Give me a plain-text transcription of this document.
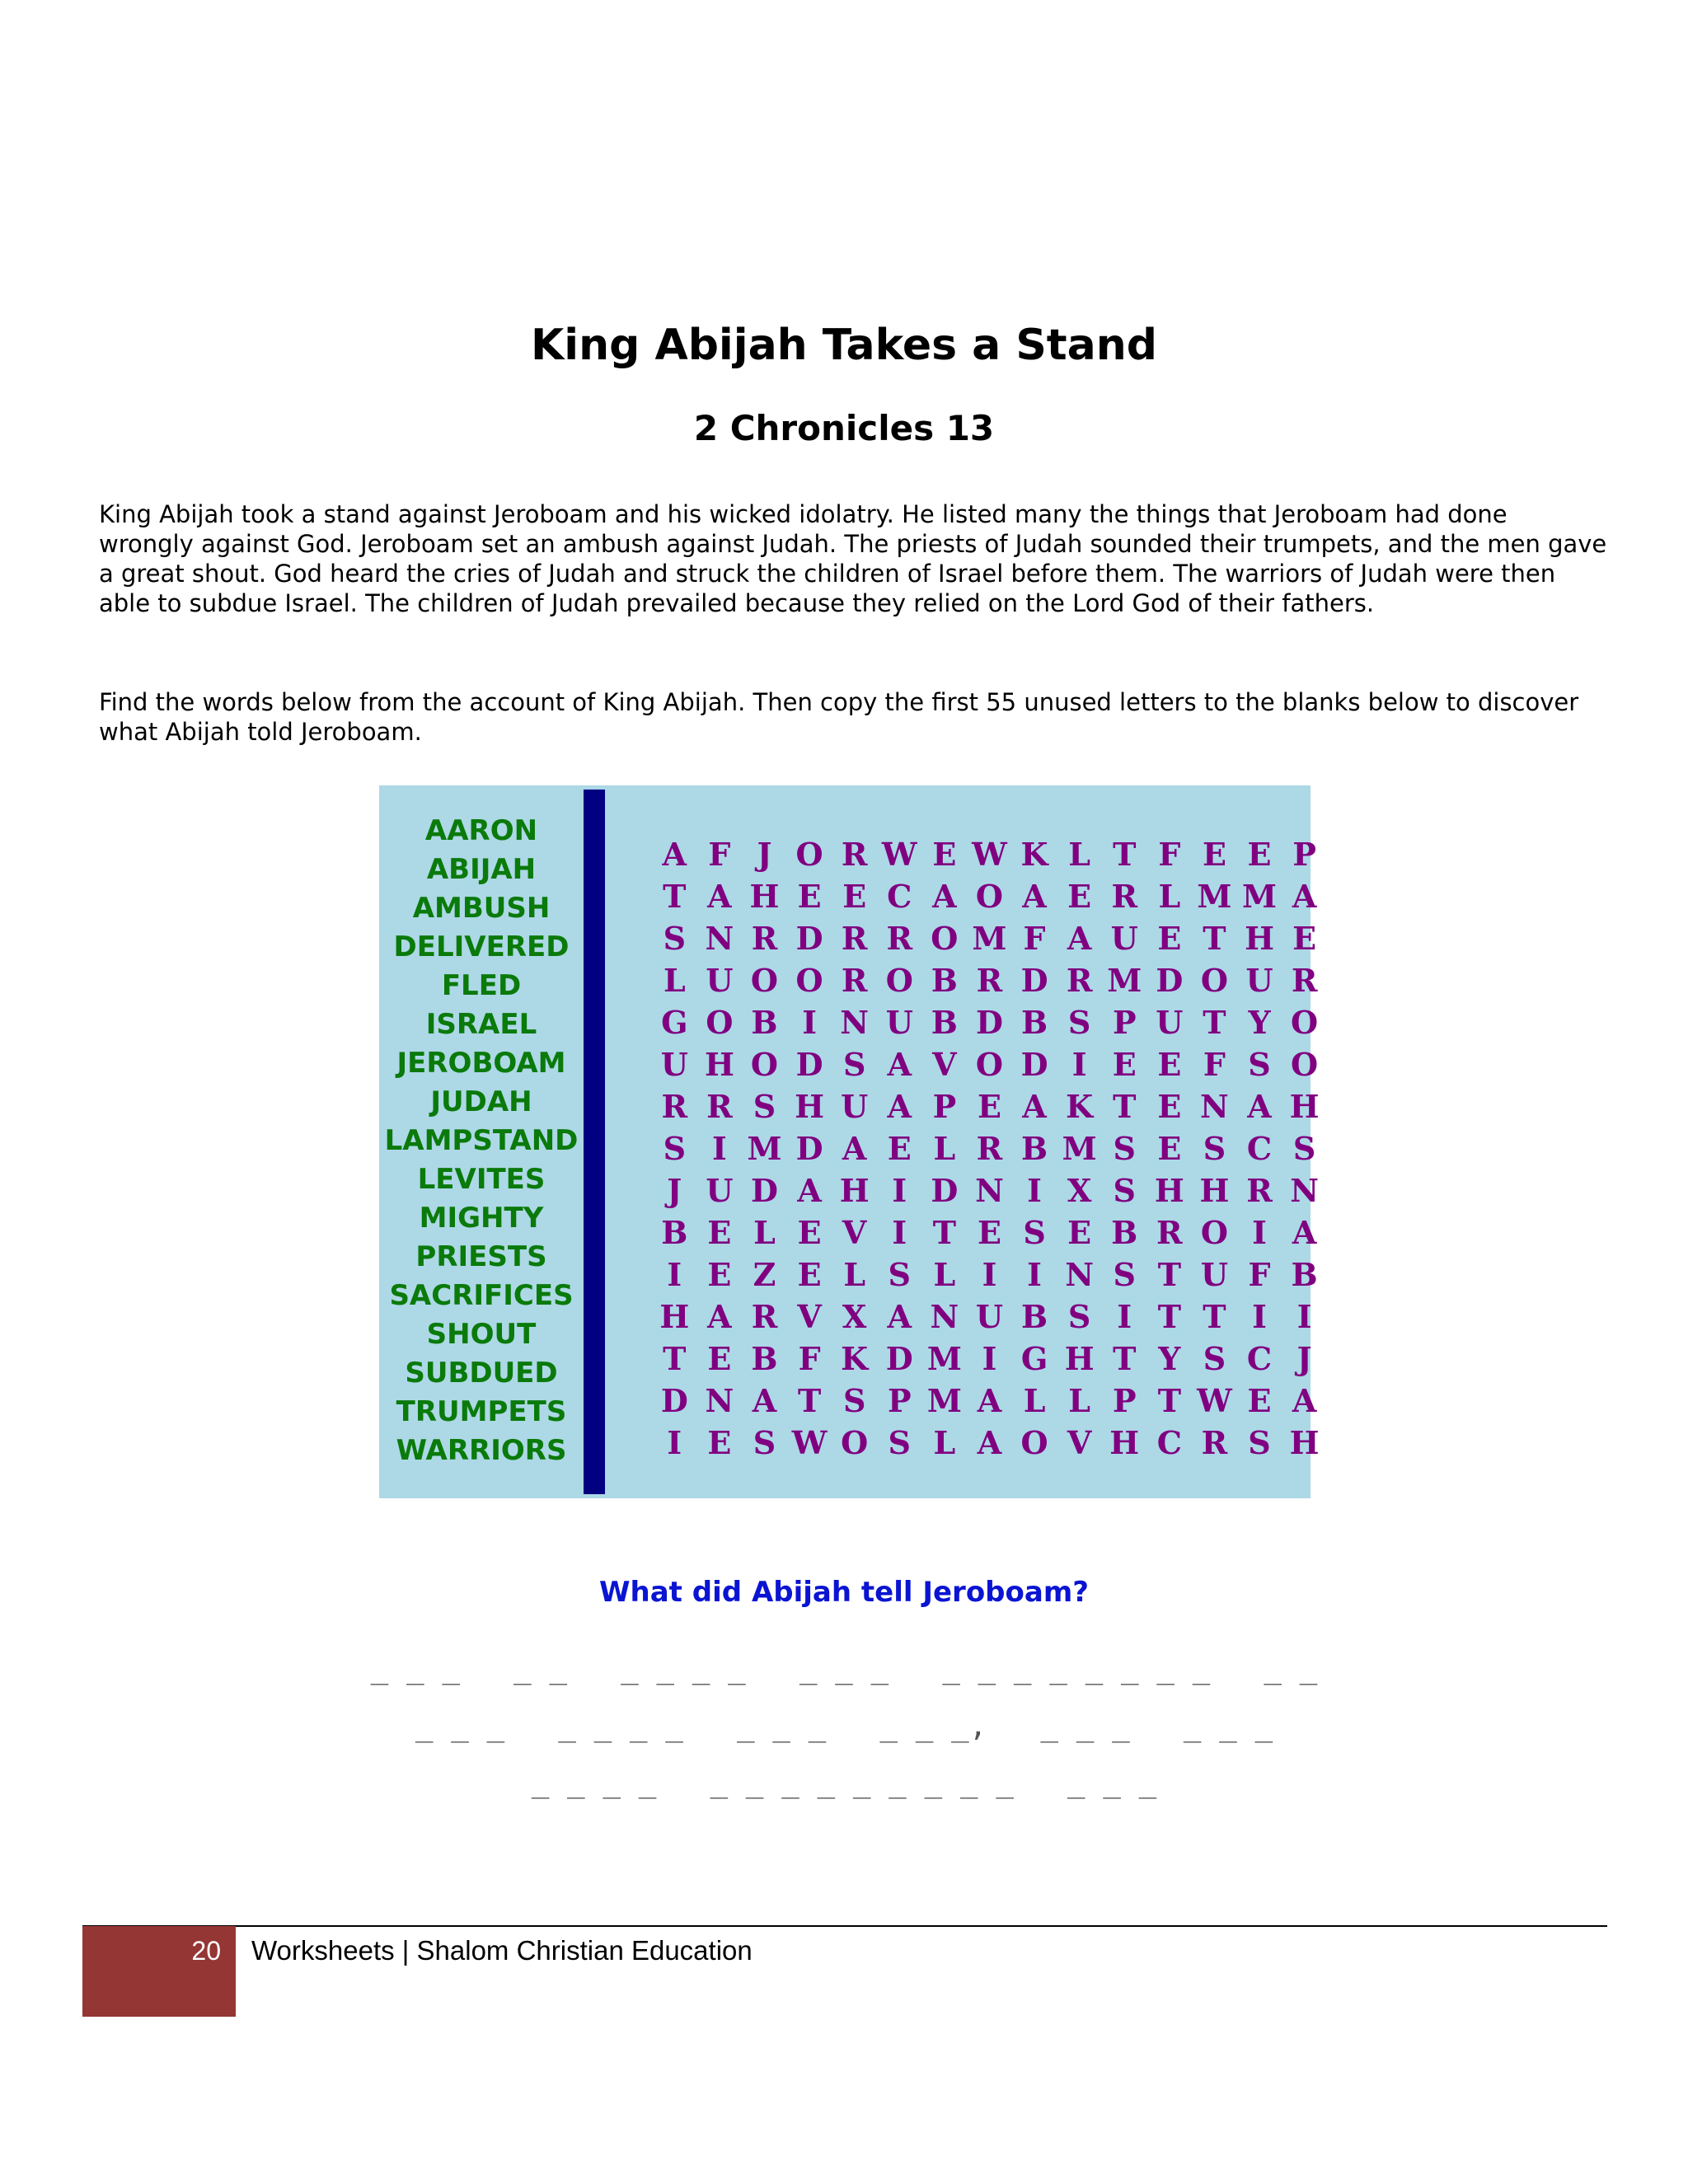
King Abijah Takes a Stand
2 Chronicles 13

King Abijah took a stand against Jeroboam and his wicked idolatry. He listed many the things that Jeroboam had done wrongly against God. Jeroboam set an ambush against Judah. The priests of Judah sounded their trumpets, and the men gave a great shout. God heard the cries of Judah and struck the children of Israel before them. The warriors of Judah were then able to subdue Israel. The children of Judah prevailed because they relied on the Lord God of their fathers.

Find the words below from the account of King Abijah. Then copy the first 55 unused letters to the blanks below to discover what Abijah told Jeroboam.

AARON
ABIJAH
AMBUSH
DELIVERED
FLED
ISRAEL
JEROBOAM
JUDAH
LAMPSTAND
LEVITES
MIGHTY
PRIESTS
SACRIFICES
SHOUT
SUBDUED
TRUMPETS
WARRIORS
A F J O R W E W K L T F E E P
T A H E E C A O A E R L M M A
S N R D R R O M F A U E T H E
L U O O R O B R D R M D O U R
G O B I N U B D B S P U T Y O
U H O D S A V O D I E E F S O
R R S H U A P E A K T E N A H
S I M D A E L R B M S E S C S
J U D A H I D N I X S H H R N
B E L E V I T E S E B R O I A
I E Z E L S L I I N S T U F B
H A R V X A N U B S I T T I I
T E B F K D M I G H T Y S C J
D N A T S P M A L L P T W E A
I E S W O S L A O V H C R S H
What did Abijah tell Jeroboam?
_ _ _   _ _   _ _ _ _   _ _ _   _ _ _ _ _ _ _ _   _ _
_ _ _   _ _ _ _   _ _ _   _ _ _,   _ _ _   _ _ _
_ _ _ _   _ _ _ _ _ _ _ _ _   _ _ _
20 Worksheets | Shalom Christian Education
